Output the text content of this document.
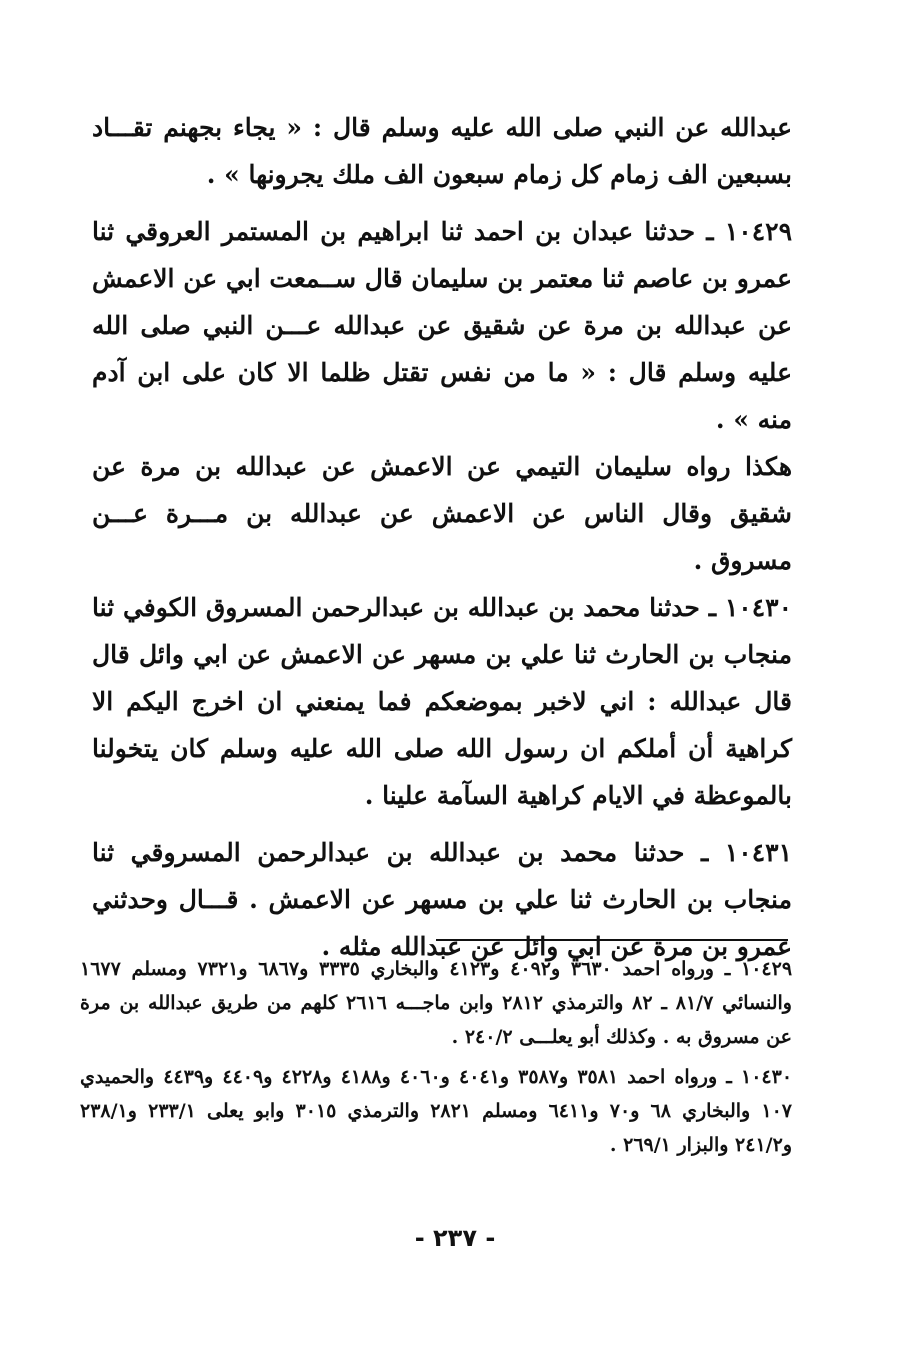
عبدالله عن النبي صلى الله عليه وسلم قال : « يجاء بجهنم تقـــاد بسبعين الف زمام كل زمام سبعون الف ملك يجرونها » .

١٠٤٢٩ ـ حدثنا عبدان بن احمد ثنا ابراهيم بن المستمر العروقي ثنا عمرو بن عاصم ثنا معتمر بن سليمان قال ســمعت ابي عن الاعمش عن عبدالله بن مرة عن شقيق عن عبدالله عـــن النبي صلى الله عليه وسلم قال : « ما من نفس تقتل ظلما الا كان على ابن آدم منه » .

هكذا رواه سليمان التيمي عن الاعمش عن عبدالله بن مرة عن شقيق وقال الناس عن الاعمش عن عبدالله بن مـــرة عـــن مسروق .

١٠٤٣٠ ـ حدثنا محمد بن عبدالله بن عبدالرحمن المسروق الكوفي ثنا منجاب بن الحارث ثنا علي بن مسهر عن الاعمش عن ابي وائل قال قال عبدالله : اني لاخبر بموضعكم فما يمنعني ان اخرج اليكم الا كراهية أن أملكم ان رسول الله صلى الله عليه وسلم كان يتخولنا بالموعظة في الايام كراهية السآمة علينا .

١٠٤٣١ ـ حدثنا محمد بن عبدالله بن عبدالرحمن المسروقي ثنا منجاب بن الحارث ثنا علي بن مسهر عن الاعمش . قـــال وحدثني عمرو بن مرة عن ابي وائل عن عبدالله مثله .

١٠٤٢٩ ـ ورواه احمد ٣٦٣٠ و٤٠٩٢ و٤١٢٣ والبخاري ٣٣٣٥ و٦٨٦٧ و٧٣٢١ ومسلم ١٦٧٧ والنسائي ٨١/٧ ـ ٨٢ والترمذي ٢٨١٢ وابن ماجـــه ٢٦١٦ كلهم من طريق عبدالله بن مرة عن مسروق به . وكذلك أبو يعلـــى ٢٤٠/٢ .

١٠٤٣٠ ـ ورواه احمد ٣٥٨١ و٣٥٨٧ و٤٠٤١ و٤٠٦٠ و٤١٨٨ و٤٢٢٨ و٤٤٠٩ و٤٤٣٩ والحميدي ١٠٧ والبخاري ٦٨ و٧٠ و٦٤١١ ومسلم ٢٨٢١ والترمذي ٣٠١٥ وابو يعلى ٢٣٣/١ و٢٣٨/١ و٢٤١/٢ والبزار ٢٦٩/١ .

- ٢٣٧ -
